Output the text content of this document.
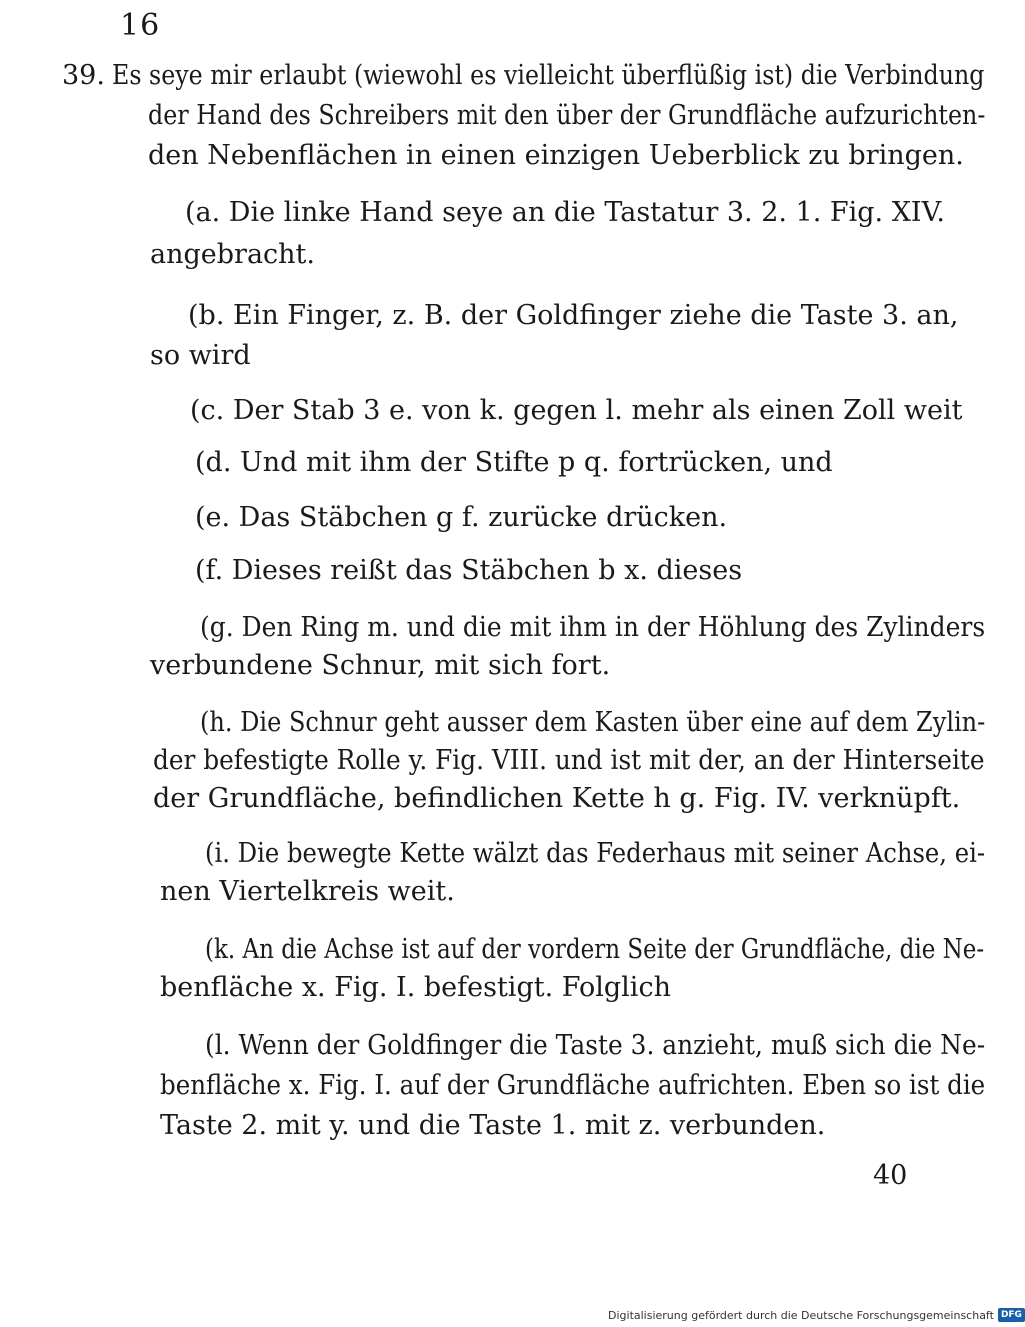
16
39. Es seye mir erlaubt (wiewohl es vielleicht überflüßig ist) die Verbindung
der Hand des Schreibers mit den über der Grundfläche aufzurichten-
den Nebenflächen in einen einzigen Ueberblick zu bringen.
(a. Die linke Hand seye an die Tastatur 3. 2. 1. Fig. XIV.
angebracht.
(b. Ein Finger, z. B. der Goldfinger ziehe die Taste 3. an,
so wird
(c. Der Stab 3 e. von k. gegen l. mehr als einen Zoll weit
(d. Und mit ihm der Stifte p q. fortrücken, und
(e. Das Stäbchen g f. zurücke drücken.
(f. Dieses reißt das Stäbchen b x. dieses
(g. Den Ring m. und die mit ihm in der Höhlung des Zylinders
verbundene Schnur, mit sich fort.
(h. Die Schnur geht ausser dem Kasten über eine auf dem Zylin-
der befestigte Rolle y. Fig. VIII. und ist mit der, an der Hinterseite
der Grundfläche, befindlichen Kette h g. Fig. IV. verknüpft.
(i. Die bewegte Kette wälzt das Federhaus mit seiner Achse, ei-
nen Viertelkreis weit.
(k. An die Achse ist auf der vordern Seite der Grundfläche, die Ne-
benfläche x. Fig. I. befestigt. Folglich
(l. Wenn der Goldfinger die Taste 3. anzieht, muß sich die Ne-
benfläche x. Fig. I. auf der Grundfläche aufrichten. Eben so ist die
Taste 2. mit y. und die Taste 1. mit z. verbunden.
40
Digitalisierung gefördert durch die Deutsche Forschungsgemeinschaft DFG
